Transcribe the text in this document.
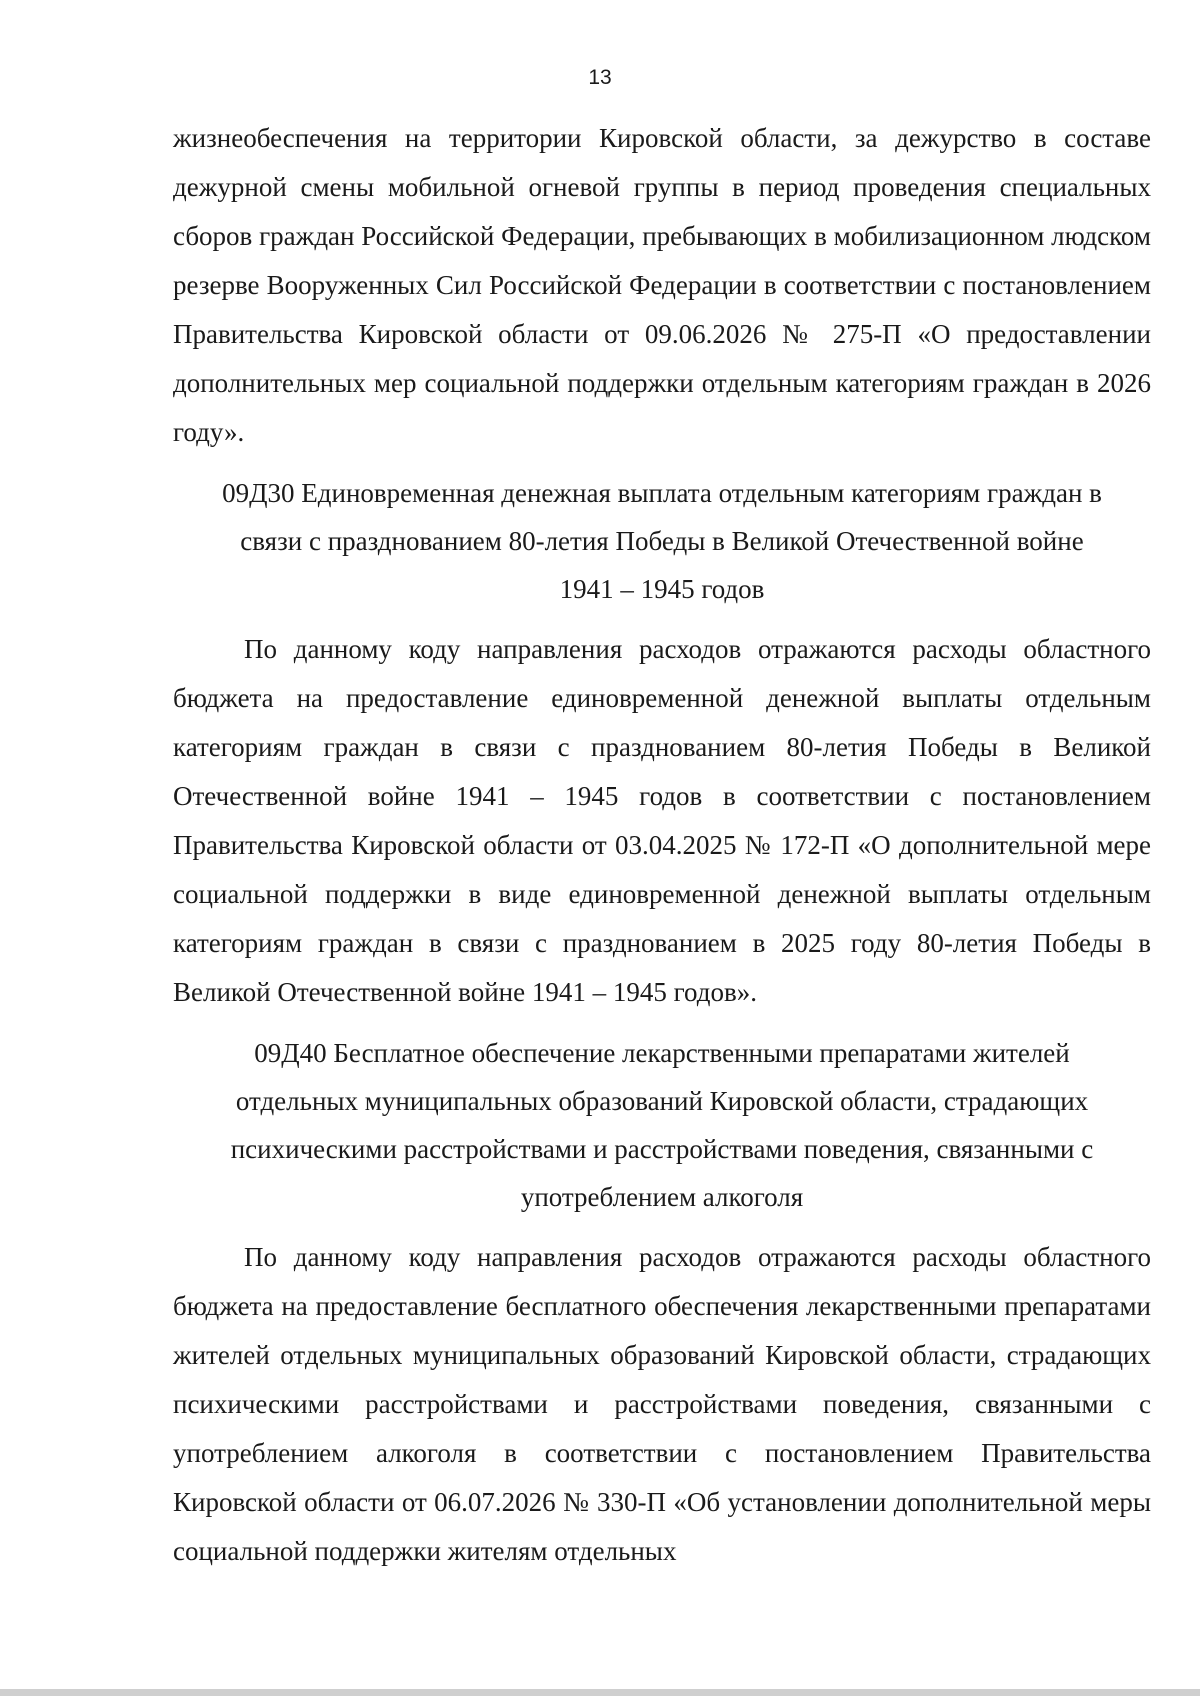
13

жизнеобеспечения на территории Кировской области, за дежурство в составе дежурной смены мобильной огневой группы в период проведения специальных сборов граждан Российской Федерации, пребывающих в мобилизационном людском резерве Вооруженных Сил Российской Федерации в соответствии с постановлением Правительства Кировской области от 09.06.2026 № 275-П «О предоставлении дополнительных мер социальной поддержки отдельным категориям граждан в 2026 году».

09Д30 Единовременная денежная выплата отдельным категориям граждан в
связи с празднованием 80-летия Победы в Великой Отечественной войне
1941 – 1945 годов

По данному коду направления расходов отражаются расходы областного бюджета на предоставление единовременной денежной выплаты отдельным категориям граждан в связи с празднованием 80-летия Победы в Великой Отечественной войне 1941 – 1945 годов в соответствии с постановлением Правительства Кировской области от 03.04.2025 № 172-П «О дополнительной мере социальной поддержки в виде единовременной денежной выплаты отдельным категориям граждан в связи с празднованием в 2025 году 80-летия Победы в Великой Отечественной войне 1941 – 1945 годов».

09Д40 Бесплатное обеспечение лекарственными препаратами жителей
отдельных муниципальных образований Кировской области, страдающих
психическими расстройствами и расстройствами поведения, связанными с
употреблением алкоголя

По данному коду направления расходов отражаются расходы областного бюджета на предоставление бесплатного обеспечения лекарственными препаратами жителей отдельных муниципальных образований Кировской области, страдающих психическими расстройствами и расстройствами поведения, связанными с употреблением алкоголя в соответствии с постановлением Правительства Кировской области от 06.07.2026 № 330-П «Об установлении дополнительной меры социальной поддержки жителям отдельных
